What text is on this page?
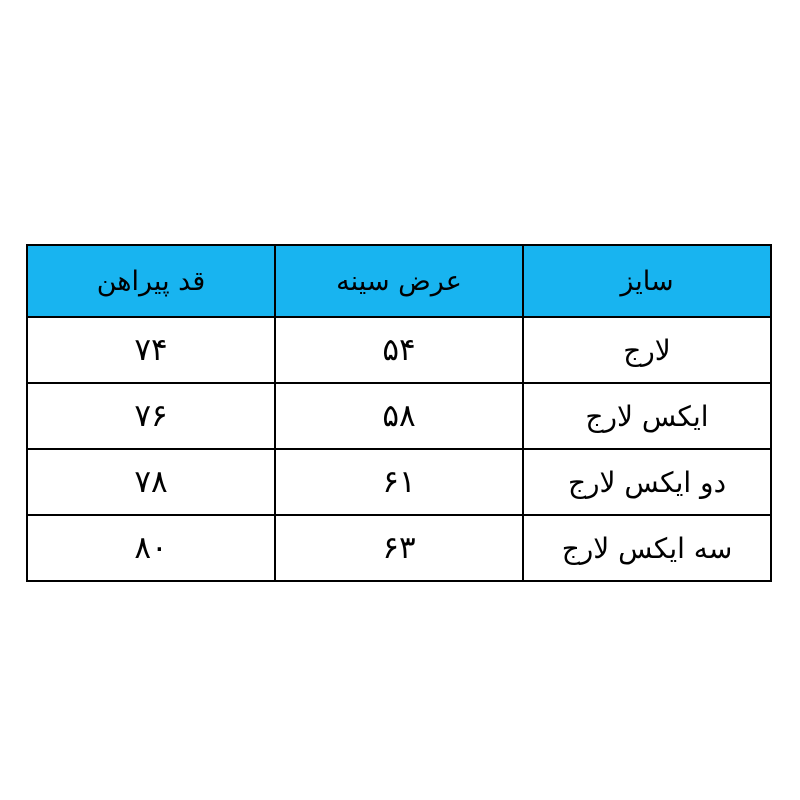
سایز	عرض سینه	قد پیراهن
لارج	۵۴	۷۴
ایکس لارج	۵۸	۷۶
دو ایکس لارج	۶۱	۷۸
سه ایکس لارج	۶۳	۸۰
